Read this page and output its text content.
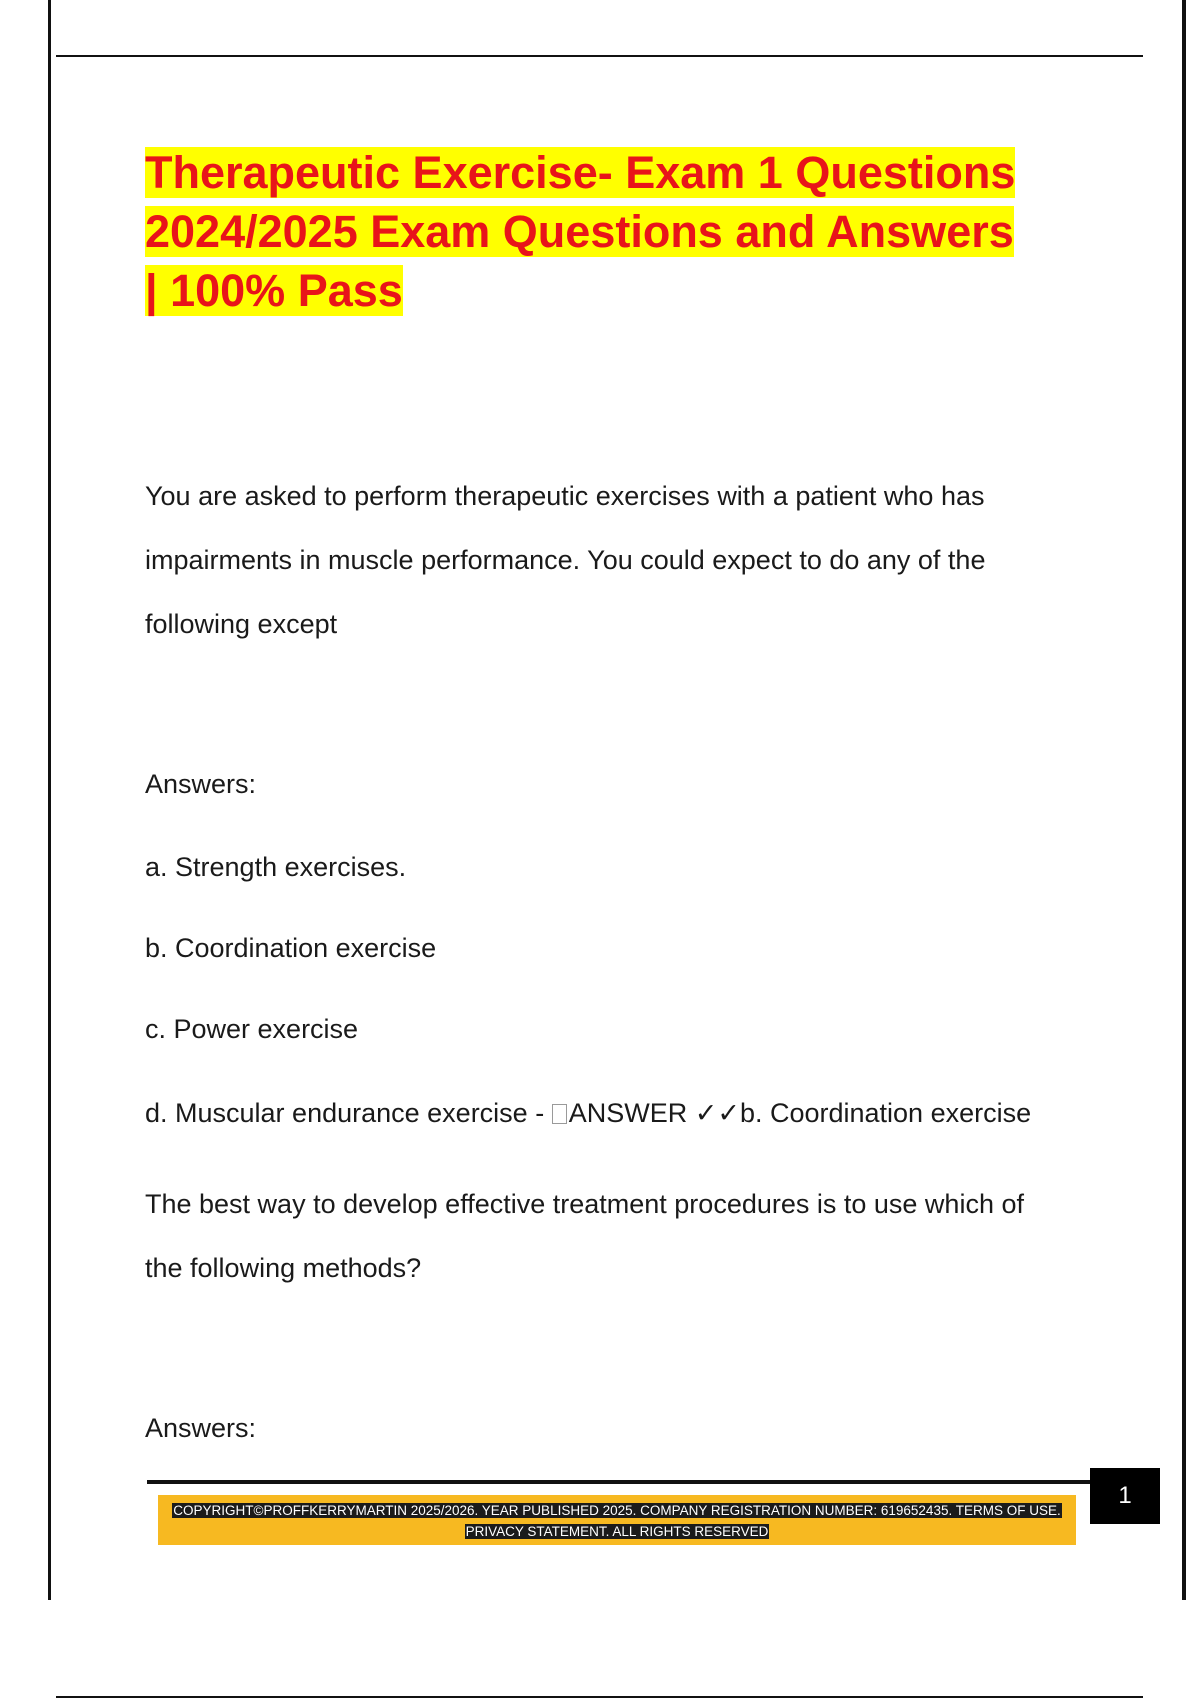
Therapeutic Exercise- Exam 1 Questions
2024/2025 Exam Questions and Answers
| 100% Pass
You are asked to perform therapeutic exercises with a patient who has
impairments in muscle performance. You could expect to do any of the
following except

Answers:

a. Strength exercises.

b. Coordination exercise

c. Power exercise

d. Muscular endurance exercise - ANSWER ✓✓b. Coordination exercise

The best way to develop effective treatment procedures is to use which of
the following methods?

Answers:

1
COPYRIGHT©PROFFKERRYMARTIN 2025/2026. YEAR PUBLISHED 2025. COMPANY REGISTRATION NUMBER: 619652435. TERMS OF USE.
PRIVACY STATEMENT. ALL RIGHTS RESERVED
